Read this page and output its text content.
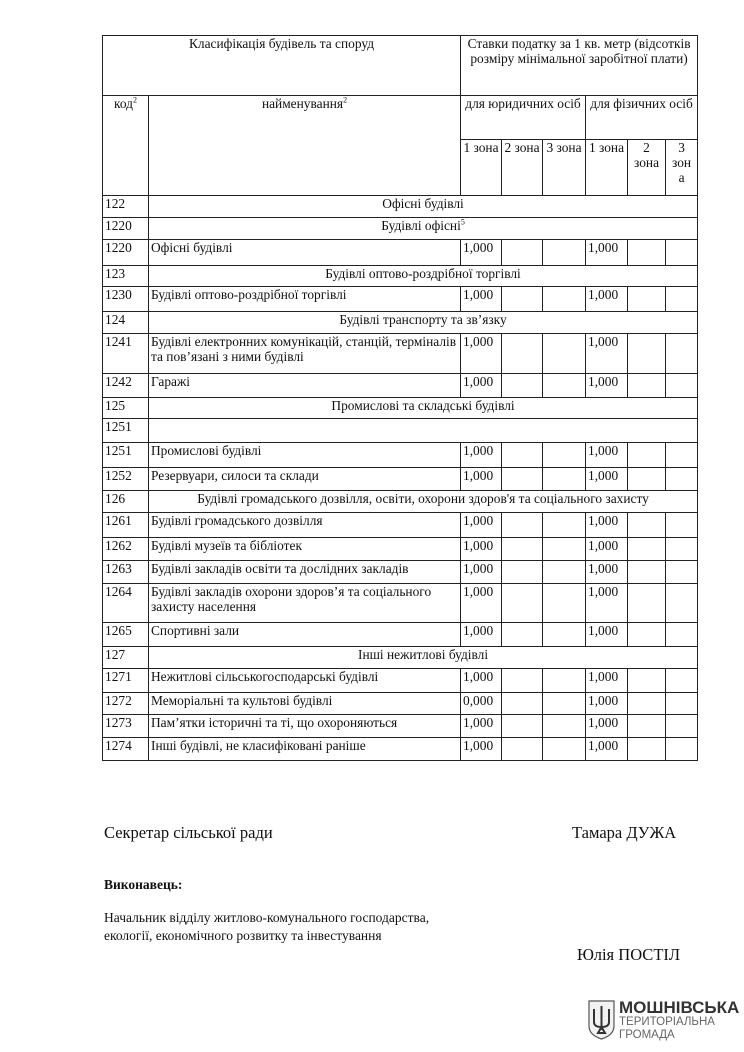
Класифікація будівель та споруд		Ставки податку за 1 кв. метр (відсотків розміру мінімальної заробітної плати)					
код$^2$	найменування$^2$	для юридичних осіб			для фізичних осіб		
		1 зона	2 зона	3 зона	1 зона	2 зона	3 зон а
122	Офісні будівлі						
1220	Будівлі офісні$^5$
1220	Офісні будівлі	1,000			1,000		
123	Будівлі оптово-роздрібної торгівлі						
1230	Будівлі оптово-роздрібної торгівлі	1,000			1,000		
124	Будівлі транспорту та зв’язку						
1241	Будівлі електронних комунікацій, станцій, терміналів та пов’язані з ними будівлі	1,000			1,000		
1242	Гаражі	1,000			1,000		
125	Промислові та складські будівлі						
1251							
1251	Промислові будівлі	1,000			1,000		
1252	Резервуари, силоси та склади	1,000			1,000		
126	Будівлі громадського дозвілля, освіти, охорони здоров'я та соціального захисту						
1261	Будівлі громадського дозвілля	1,000			1,000		
1262	Будівлі музеїв та бібліотек	1,000			1,000		
1263	Будівлі закладів освіти та дослідних закладів	1,000			1,000		
1264	Будівлі закладів охорони здоров’я та соціального захисту населення	1,000			1,000		
1265	Спортивні зали	1,000			1,000		
127	Інші нежитлові будівлі						
1271	Нежитлові сільськогосподарські будівлі	1,000			1,000		
1272	Меморіальні та культові будівлі	0,000			1,000		
1273	Пам’ятки історичні та ті, що охороняються	1,000			1,000		
1274	Інші будівлі, не класифіковані раніше	1,000			1,000		
Секретар сільської ради	Тамара ДУЖА
Виконавець:
Начальник відділу житлово-комунального господарства, екології, економічного розвитку та інвестування
Юлія ПОСТІЛ
МОШНІВСЬКА
ТЕРИТОРІАЛЬНА
ГРОМАДА
